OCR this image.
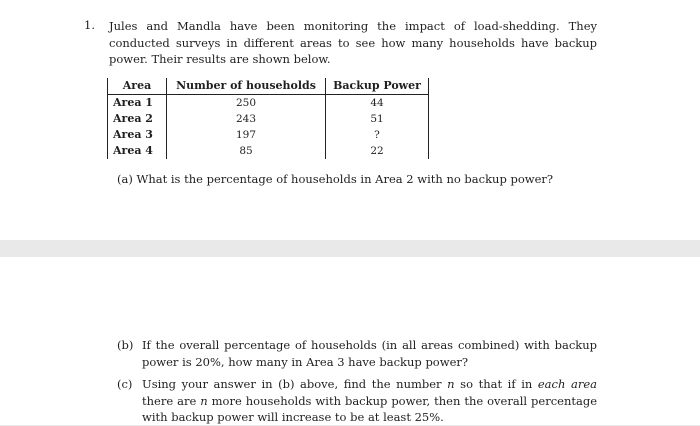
1. Jules and Mandla have been monitoring the impact of load-shedding. They conducted surveys in different areas to see how many households have backup power. Their results are shown below.
Area	Number of households	Backup Power
Area 1	250	44
Area 2	243	51
Area 3	197	?
Area 4	85	22
(a) What is the percentage of households in Area 2 with no backup power?
(b) If the overall percentage of households (in all areas combined) with backup power is 20%, how many in Area 3 have backup power?
(c) Using your answer in (b) above, find the number n so that if in each area there are n more households with backup power, then the overall percentage with backup power will increase to be at least 25%.
